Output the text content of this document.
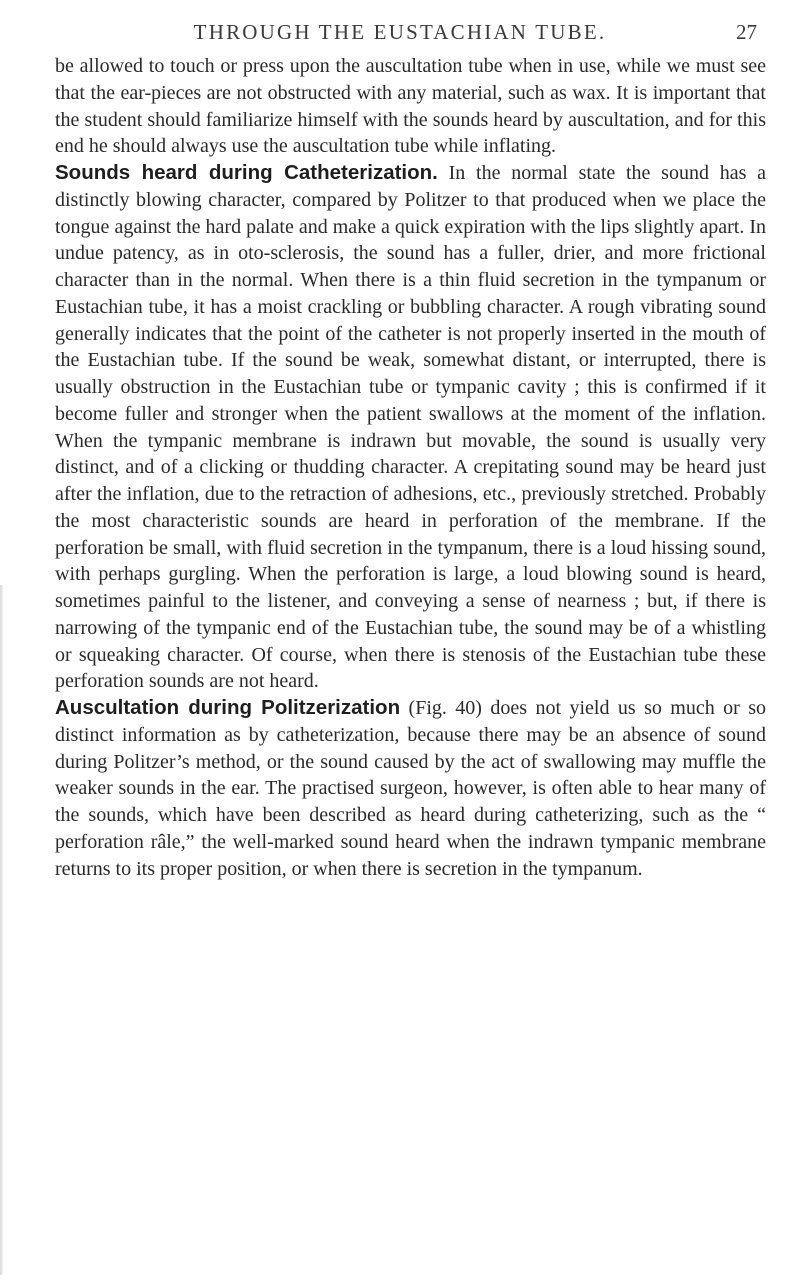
THROUGH THE EUSTACHIAN TUBE.	27

be allowed to touch or press upon the auscultation tube when in use, while we must see that the ear-pieces are not obstructed with any material, such as wax. It is important that the student should familiarize himself with the sounds heard by auscultation, and for this end he should always use the auscultation tube while inflating.

Sounds heard during Catheterization. In the normal state the sound has a distinctly blowing character, compared by Politzer to that produced when we place the tongue against the hard palate and make a quick expiration with the lips slightly apart. In undue patency, as in oto-sclerosis, the sound has a fuller, drier, and more frictional character than in the normal. When there is a thin fluid secretion in the tympanum or Eustachian tube, it has a moist crackling or bubbling character. A rough vibrating sound generally indicates that the point of the catheter is not properly inserted in the mouth of the Eustachian tube. If the sound be weak, somewhat distant, or interrupted, there is usually obstruction in the Eustachian tube or tympanic cavity ; this is confirmed if it become fuller and stronger when the patient swallows at the moment of the inflation. When the tympanic membrane is indrawn but movable, the sound is usually very distinct, and of a clicking or thudding character. A crepitating sound may be heard just after the inflation, due to the retraction of adhesions, etc., previously stretched. Probably the most characteristic sounds are heard in perforation of the membrane. If the perforation be small, with fluid secretion in the tympanum, there is a loud hissing sound, with perhaps gurgling. When the perforation is large, a loud blowing sound is heard, sometimes painful to the listener, and conveying a sense of nearness ; but, if there is narrowing of the tympanic end of the Eustachian tube, the sound may be of a whistling or squeaking character. Of course, when there is stenosis of the Eustachian tube these perforation sounds are not heard.

Auscultation during Politzerization (Fig. 40) does not yield us so much or so distinct information as by catheterization, because there may be an absence of sound during Politzer’s method, or the sound caused by the act of swallowing may muffle the weaker sounds in the ear. The practised surgeon, however, is often able to hear many of the sounds, which have been described as heard during catheterizing, such as the “ perforation râle,” the well-marked sound heard when the indrawn tympanic membrane returns to its proper position, or when there is secretion in the tympanum.
